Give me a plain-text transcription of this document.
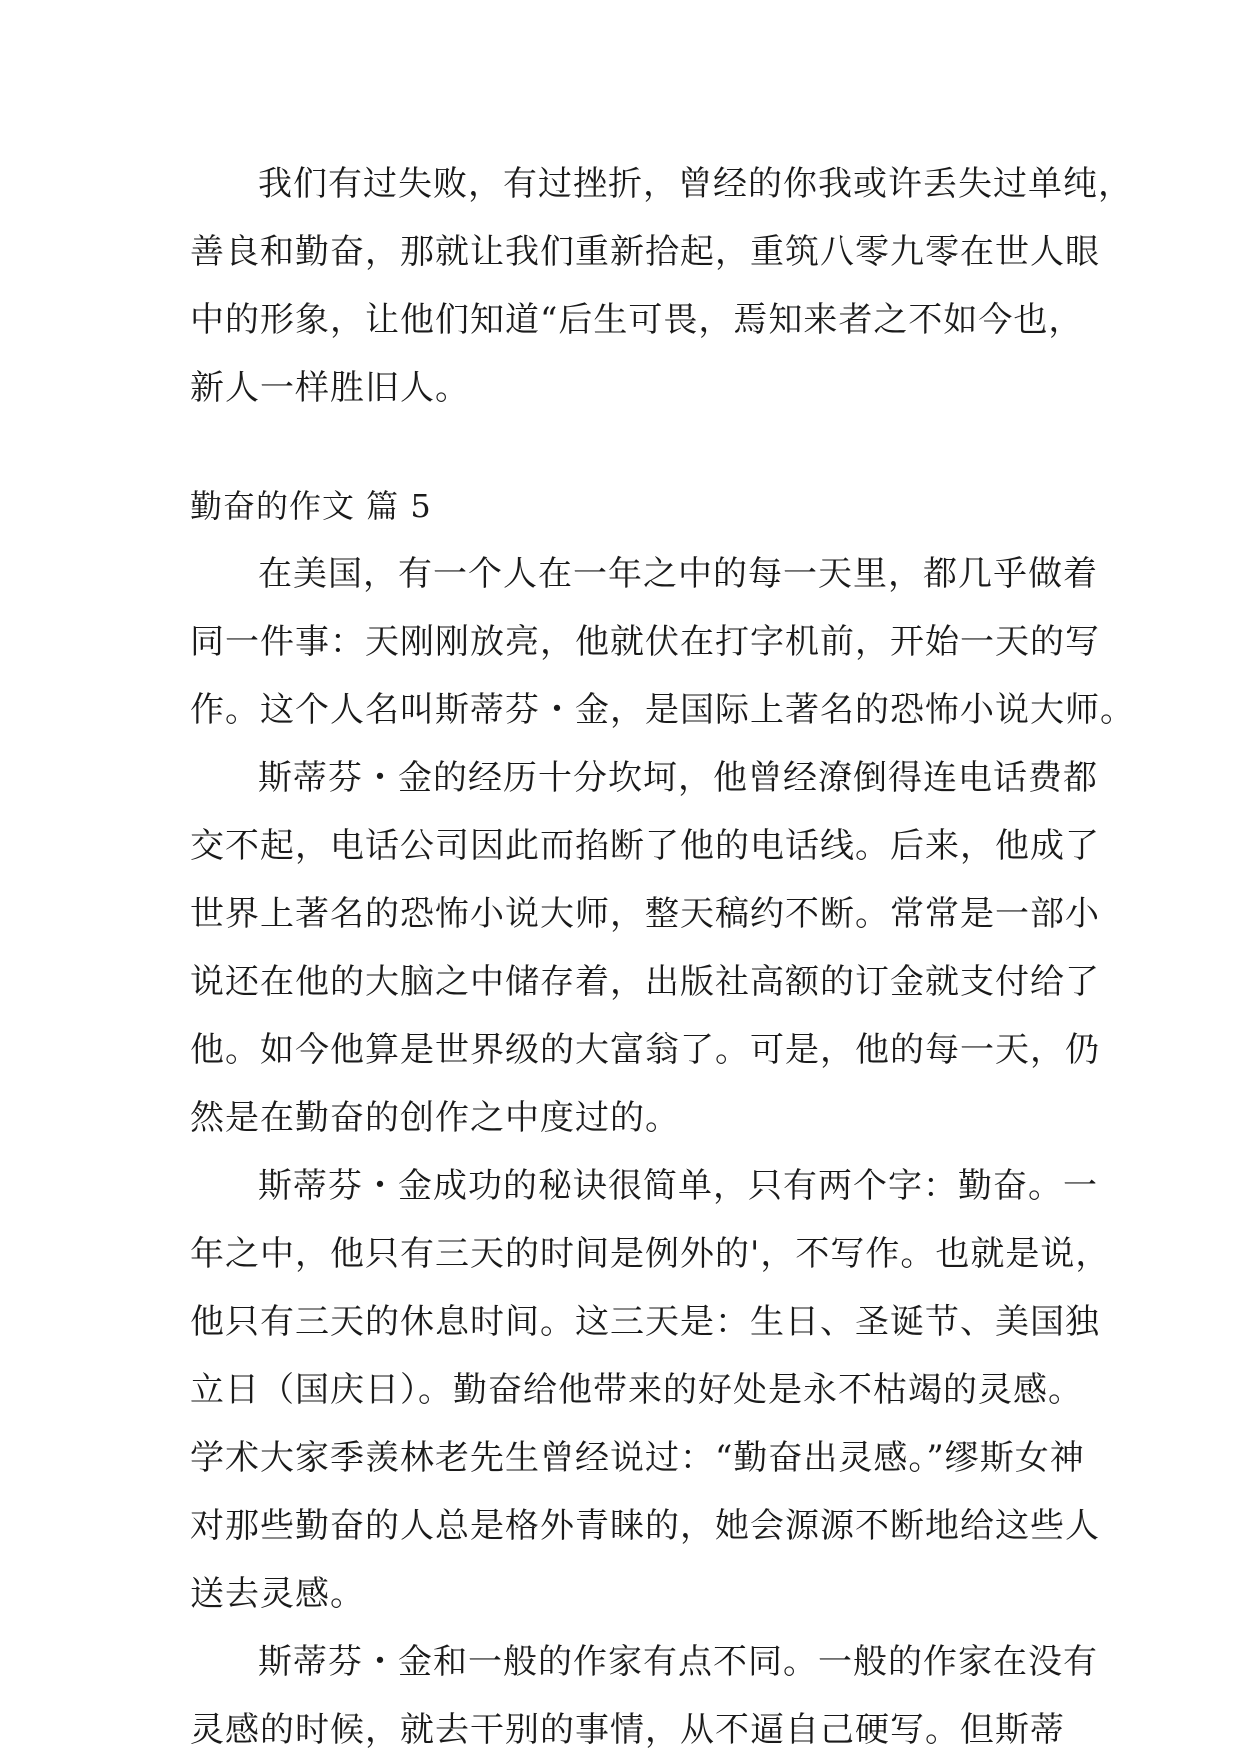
我们有过失败，有过挫折，曾经的你我或许丢失过单纯，
善良和勤奋，那就让我们重新拾起，重筑八零九零在世人眼
中的形象，让他们知道“后生可畏，焉知来者之不如今也，
新人一样胜旧人。
勤奋的作文 篇 5
在美国，有一个人在一年之中的每一天里，都几乎做着
同一件事：天刚刚放亮，他就伏在打字机前，开始一天的写
作。这个人名叫斯蒂芬・金，是国际上著名的恐怖小说大师。
斯蒂芬・金的经历十分坎坷，他曾经潦倒得连电话费都
交不起，电话公司因此而掐断了他的电话线。后来，他成了
世界上著名的恐怖小说大师，整天稿约不断。常常是一部小
说还在他的大脑之中储存着，出版社高额的订金就支付给了
他。如今他算是世界级的大富翁了。可是，他的每一天，仍
然是在勤奋的创作之中度过的。
斯蒂芬・金成功的秘诀很简单，只有两个字：勤奋。一
年之中，他只有三天的时间是例外的'，不写作。也就是说，
他只有三天的休息时间。这三天是：生日、圣诞节、美国独
立日（国庆日）。勤奋给他带来的好处是永不枯竭的灵感。
学术大家季羡林老先生曾经说过：“勤奋出灵感。”缪斯女神
对那些勤奋的人总是格外青睐的，她会源源不断地给这些人
送去灵感。
斯蒂芬・金和一般的作家有点不同。一般的作家在没有
灵感的时候，就去干别的事情，从不逼自己硬写。但斯蒂
